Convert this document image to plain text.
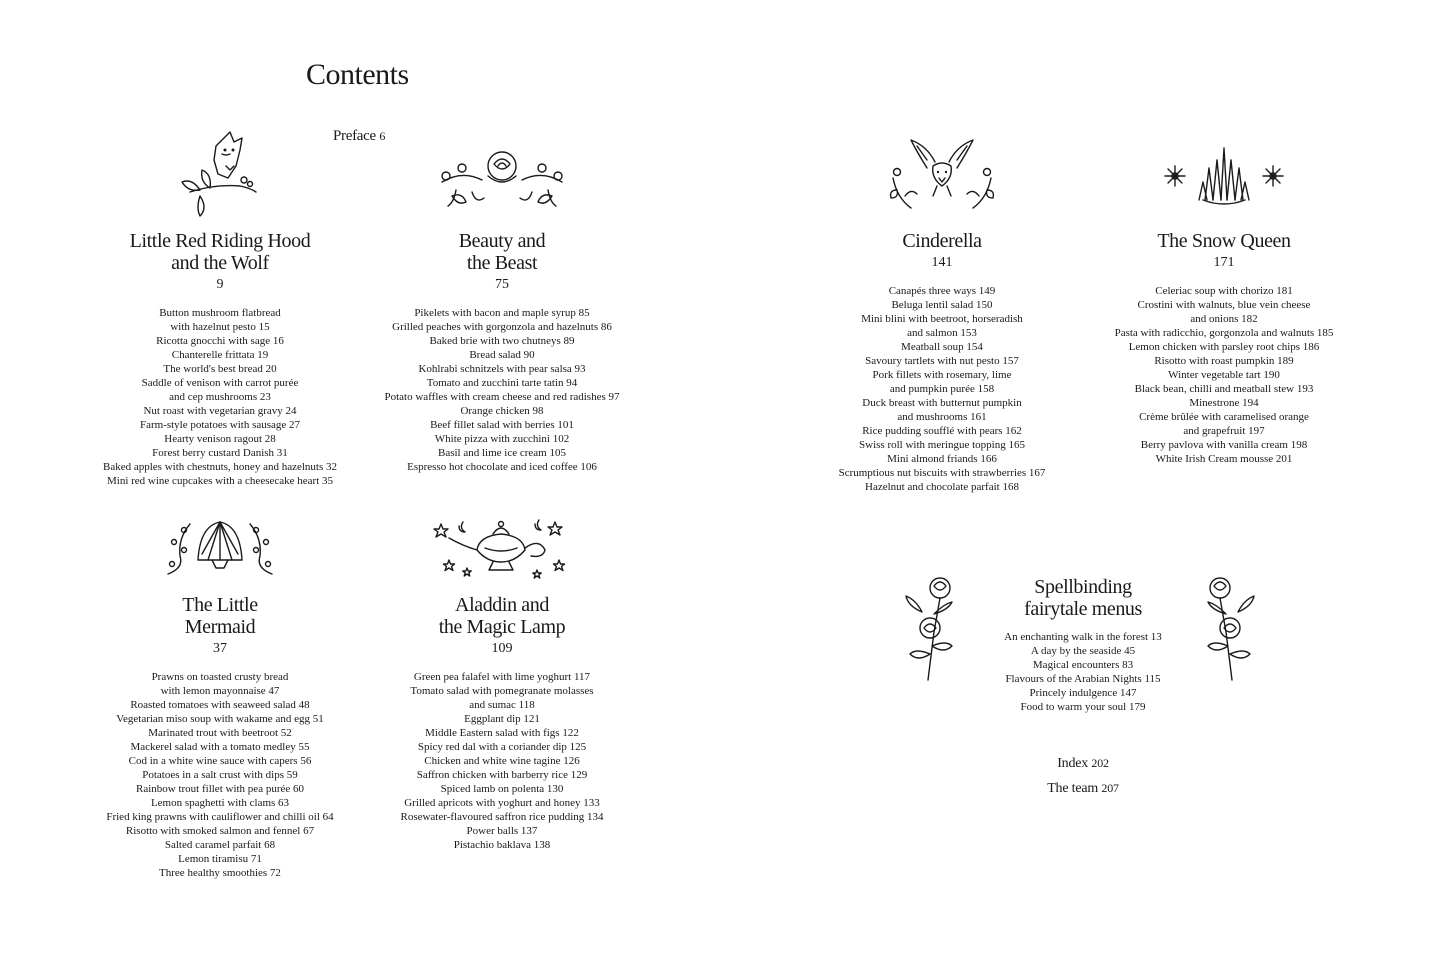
Contents
Preface 6
Little Red Riding Hood
and the Wolf
9
Button mushroom flatbread
with hazelnut pesto 15
Ricotta gnocchi with sage 16
Chanterelle frittata 19
The world's best bread 20
Saddle of venison with carrot purée
and cep mushrooms 23
Nut roast with vegetarian gravy 24
Farm-style potatoes with sausage 27
Hearty venison ragout 28
Forest berry custard Danish 31
Baked apples with chestnuts, honey and hazelnuts 32
Mini red wine cupcakes with a cheesecake heart 35
Beauty and
the Beast
75
Pikelets with bacon and maple syrup 85
Grilled peaches with gorgonzola and hazelnuts 86
Baked brie with two chutneys 89
Bread salad 90
Kohlrabi schnitzels with pear salsa 93
Tomato and zucchini tarte tatin 94
Potato waffles with cream cheese and red radishes 97
Orange chicken 98
Beef fillet salad with berries 101
White pizza with zucchini 102
Basil and lime ice cream 105
Espresso hot chocolate and iced coffee 106
The Little
Mermaid
37
Prawns on toasted crusty bread
with lemon mayonnaise 47
Roasted tomatoes with seaweed salad 48
Vegetarian miso soup with wakame and egg 51
Marinated trout with beetroot 52
Mackerel salad with a tomato medley 55
Cod in a white wine sauce with capers 56
Potatoes in a salt crust with dips 59
Rainbow trout fillet with pea purée 60
Lemon spaghetti with clams 63
Fried king prawns with cauliflower and chilli oil 64
Risotto with smoked salmon and fennel 67
Salted caramel parfait 68
Lemon tiramisu 71
Three healthy smoothies 72
Aladdin and
the Magic Lamp
109
Green pea falafel with lime yoghurt 117
Tomato salad with pomegranate molasses
and sumac 118
Eggplant dip 121
Middle Eastern salad with figs 122
Spicy red dal with a coriander dip 125
Chicken and white wine tagine 126
Saffron chicken with barberry rice 129
Spiced lamb on polenta 130
Grilled apricots with yoghurt and honey 133
Rosewater-flavoured saffron rice pudding 134
Power balls 137
Pistachio baklava 138
Cinderella
141
Canapés three ways 149
Beluga lentil salad 150
Mini blini with beetroot, horseradish
and salmon 153
Meatball soup 154
Savoury tartlets with nut pesto 157
Pork fillets with rosemary, lime
and pumpkin purée 158
Duck breast with butternut pumpkin
and mushrooms 161
Rice pudding soufflé with pears 162
Swiss roll with meringue topping 165
Mini almond friands 166
Scrumptious nut biscuits with strawberries 167
Hazelnut and chocolate parfait 168
The Snow Queen
171
Celeriac soup with chorizo 181
Crostini with walnuts, blue vein cheese
and onions 182
Pasta with radicchio, gorgonzola and walnuts 185
Lemon chicken with parsley root chips 186
Risotto with roast pumpkin 189
Winter vegetable tart 190
Black bean, chilli and meatball stew 193
Minestrone 194
Crème brûlée with caramelised orange
and grapefruit 197
Berry pavlova with vanilla cream 198
White Irish Cream mousse 201
Spellbinding
fairytale menus
An enchanting walk in the forest 13
A day by the seaside 45
Magical encounters 83
Flavours of the Arabian Nights 115
Princely indulgence 147
Food to warm your soul 179
Index 202
The team 207
